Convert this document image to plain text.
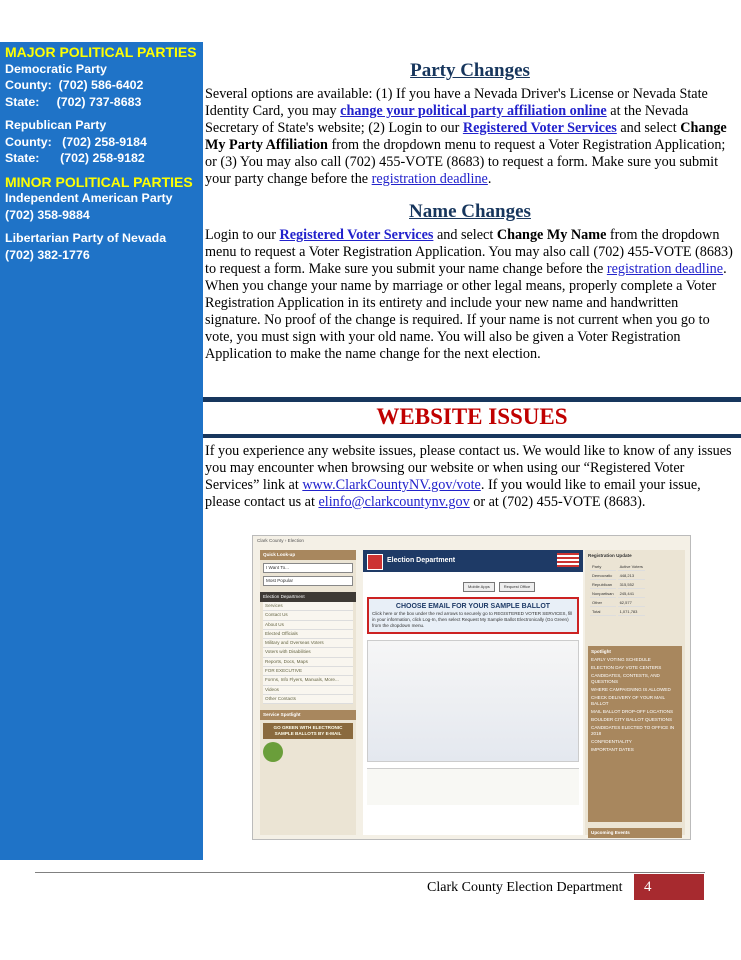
MAJOR POLITICAL PARTIES
Democratic Party
County:  (702) 586-6402
State:     (702) 737-8683
Republican Party
County:   (702) 258-9184
State:      (702) 258-9182
MINOR POLITICAL PARTIES
Independent American Party
(702) 358-9884
Libertarian Party of Nevada
(702) 382-1776
Party Changes

Several options are available: (1) If you have a Nevada Driver's License or Nevada State Identity Card, you may change your political party affiliation online at the Nevada Secretary of State's website; (2) Login to our Registered Voter Services and select Change My Party Affiliation from the dropdown menu to request a Voter Registration Application; or (3) You may also call (702) 455-VOTE (8683) to request a form. Make sure you submit your party change before the registration deadline.

Name Changes

Login to our Registered Voter Services and select Change My Name from the dropdown menu to request a Voter Registration Application. You may also call (702) 455-VOTE (8683) to request a form. Make sure you submit your name change before the registration deadline. When you change your name by marriage or other legal means, properly complete a Voter Registration Application in its entirety and include your new name and handwritten signature. No proof of the change is required. If your name is not current when you go to vote, you must sign with your old name. You will also be given a Voter Registration Application to make the name change for the next election.

WEBSITE ISSUES

If you experience any website issues, please contact us. We would like to know of any issues you may encounter when browsing our website or when using our “Registered Voter Services” link at www.ClarkCountyNV.gov/vote. If you would like to email your issue, please contact us at elinfo@clarkcountynv.gov or at (702) 455-VOTE (8683).

Clark County › Election
Quick Look-up
I Want To...
Most Popular
Election Department
Services
Contact Us
About Us
Elected Officials
Military and Overseas Voters
Voters with Disabilities
Reports, Docs, Maps
FOR EXECUTIVE
Forms, Info Flyers, Manuals, More...
Videos
Other Contacts
Service Spotlight
GO GREEN WITH ELECTRONIC SAMPLE BALLOTS BY E-MAIL
Election Department
Mobile Apps	Request Office
CHOOSE EMAIL FOR YOUR SAMPLE BALLOT
Click here or the box under the red arrows to securely go to REGISTERED VOTER SERVICES, fill in your information, click Log-In, then select Request My Sample Ballot Electronically (Go Green) from the dropdown menu.
Registration Update
Party	Active Voters
Democratic	448,213
Republican	315,552
Nonpartisan	245,441
Other	62,577
Total	1,071,783
Spotlight
EARLY VOTING SCHEDULE
ELECTION DAY VOTE CENTERS
CANDIDATES, CONTESTS, AND QUESTIONS
WHERE CAMPAIGNING IS ALLOWED
CHECK DELIVERY OF YOUR MAIL BALLOT
MAIL BALLOT DROP-OFF LOCATIONS
BOULDER CITY BALLOT QUESTIONS
CANDIDATES ELECTED TO OFFICE IN 2018
CONFIDENTIALITY
IMPORTANT DATES
Upcoming Events
Clark County Election Department	4
